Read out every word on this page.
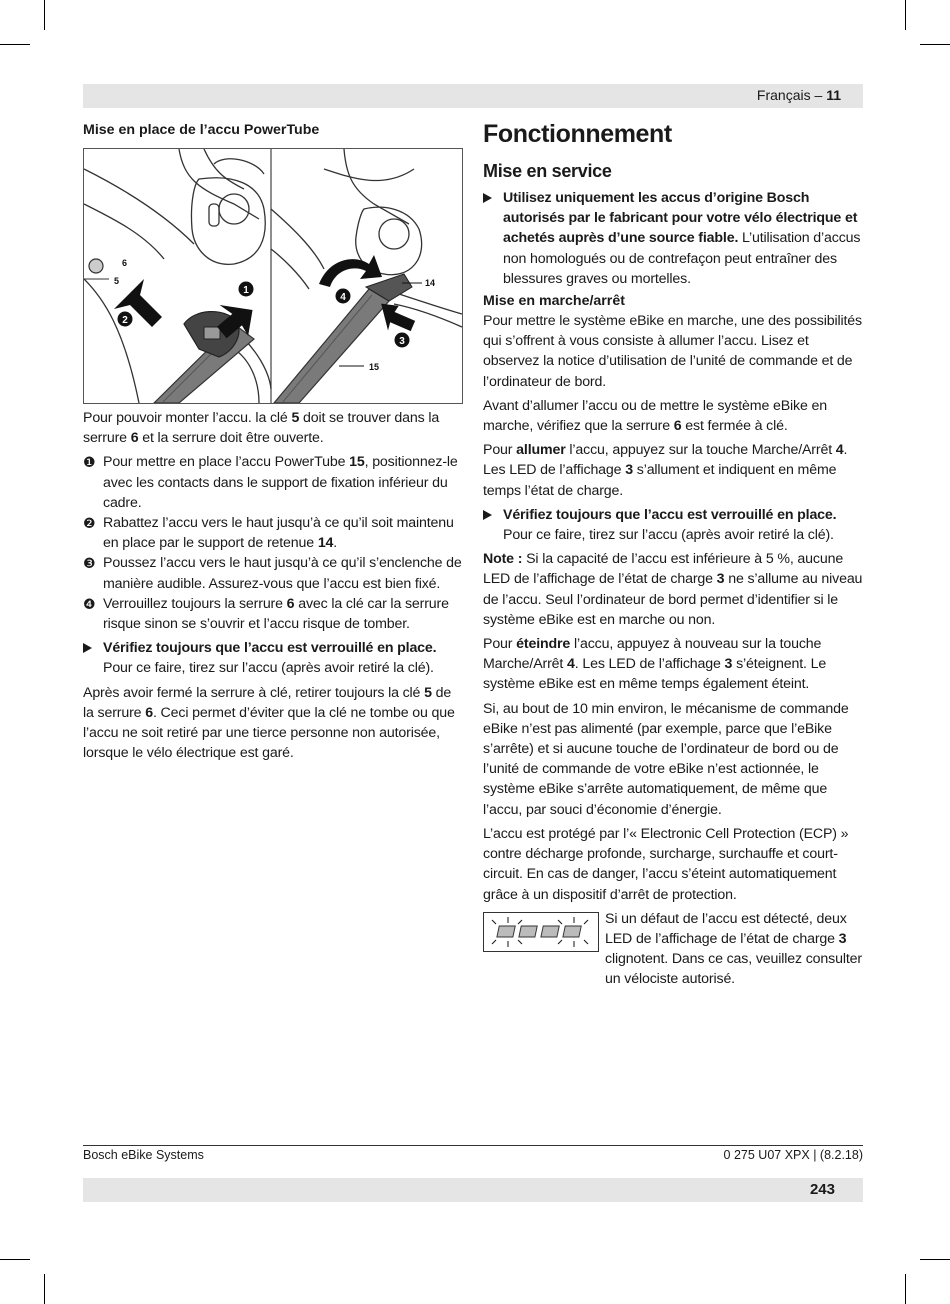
Français – 11
Mise en place de l’accu PowerTube
6
5
2
1
14
15
4
3

Pour pouvoir monter l’accu. la clé 5 doit se trouver dans la serrure 6 et la serrure doit être ouverte.

❶ Pour mettre en place l’accu PowerTube 15, positionnez-le avec les contacts dans le support de fixation inférieur du cadre.
❷ Rabattez l’accu vers le haut jusqu’à ce qu’il soit maintenu en place par le support de retenue 14.
❸ Poussez l’accu vers le haut jusqu’à ce qu’il s’enclenche de manière audible. Assurez-vous que l’accu est bien fixé.
❹ Verrouillez toujours la serrure 6 avec la clé car la serrure risque sinon se s’ouvrir et l’accu risque de tomber.
Vérifiez toujours que l’accu est verrouillé en place.
Pour ce faire, tirez sur l’accu (après avoir retiré la clé).

Après avoir fermé la serrure à clé, retirer toujours la clé 5 de la serrure 6. Ceci permet d’éviter que la clé ne tombe ou que l’accu ne soit retiré par une tierce personne non autorisée, lorsque le vélo électrique est garé.

Fonctionnement
Mise en service
Utilisez uniquement les accus d’origine Bosch autorisés par le fabricant pour votre vélo électrique et achetés auprès d’une source fiable. L’utilisation d’accus non homologués ou de contrefaçon peut entraîner des blessures graves ou mortelles.
Mise en marche/arrêt

Pour mettre le système eBike en marche, une des possibilités qui s’offrent à vous consiste à allumer l’accu. Lisez et observez la notice d’utilisation de l’unité de commande et de l’ordinateur de bord.

Avant d’allumer l’accu ou de mettre le système eBike en marche, vérifiez que la serrure 6 est fermée à clé.

Pour allumer l’accu, appuyez sur la touche Marche/Arrêt 4. Les LED de l’affichage 3 s’allument et indiquent en même temps l’état de charge.

Vérifiez toujours que l’accu est verrouillé en place.
Pour ce faire, tirez sur l’accu (après avoir retiré la clé).

Note : Si la capacité de l’accu est inférieure à 5 %, aucune LED de l’affichage de l’état de charge 3 ne s’allume au niveau de l’accu. Seul l’ordinateur de bord permet d’identifier si le système eBike est en marche ou non.

Pour éteindre l’accu, appuyez à nouveau sur la touche Marche/Arrêt 4. Les LED de l’affichage 3 s’éteignent. Le système eBike est en même temps également éteint.

Si, au bout de 10 min environ, le mécanisme de commande eBike n’est pas alimenté (par exemple, parce que l’eBike s’arrête) et si aucune touche de l’ordinateur de bord ou de l’unité de commande de votre eBike n’est actionnée, le système eBike s’arrête automatiquement, de même que l’accu, par souci d’économie d’énergie.

L’accu est protégé par l’« Electronic Cell Protection (ECP) » contre décharge profonde, surcharge, surchauffe et court-circuit. En cas de danger, l’accu s’éteint automatiquement grâce à un dispositif d’arrêt de protection.

Si un défaut de l’accu est détecté, deux LED de l’affichage de l’état de charge 3 clignotent. Dans ce cas, veuillez consulter un vélociste autorisé.
Bosch eBike Systems	0 275 U07 XPX | (8.2.18)
243
